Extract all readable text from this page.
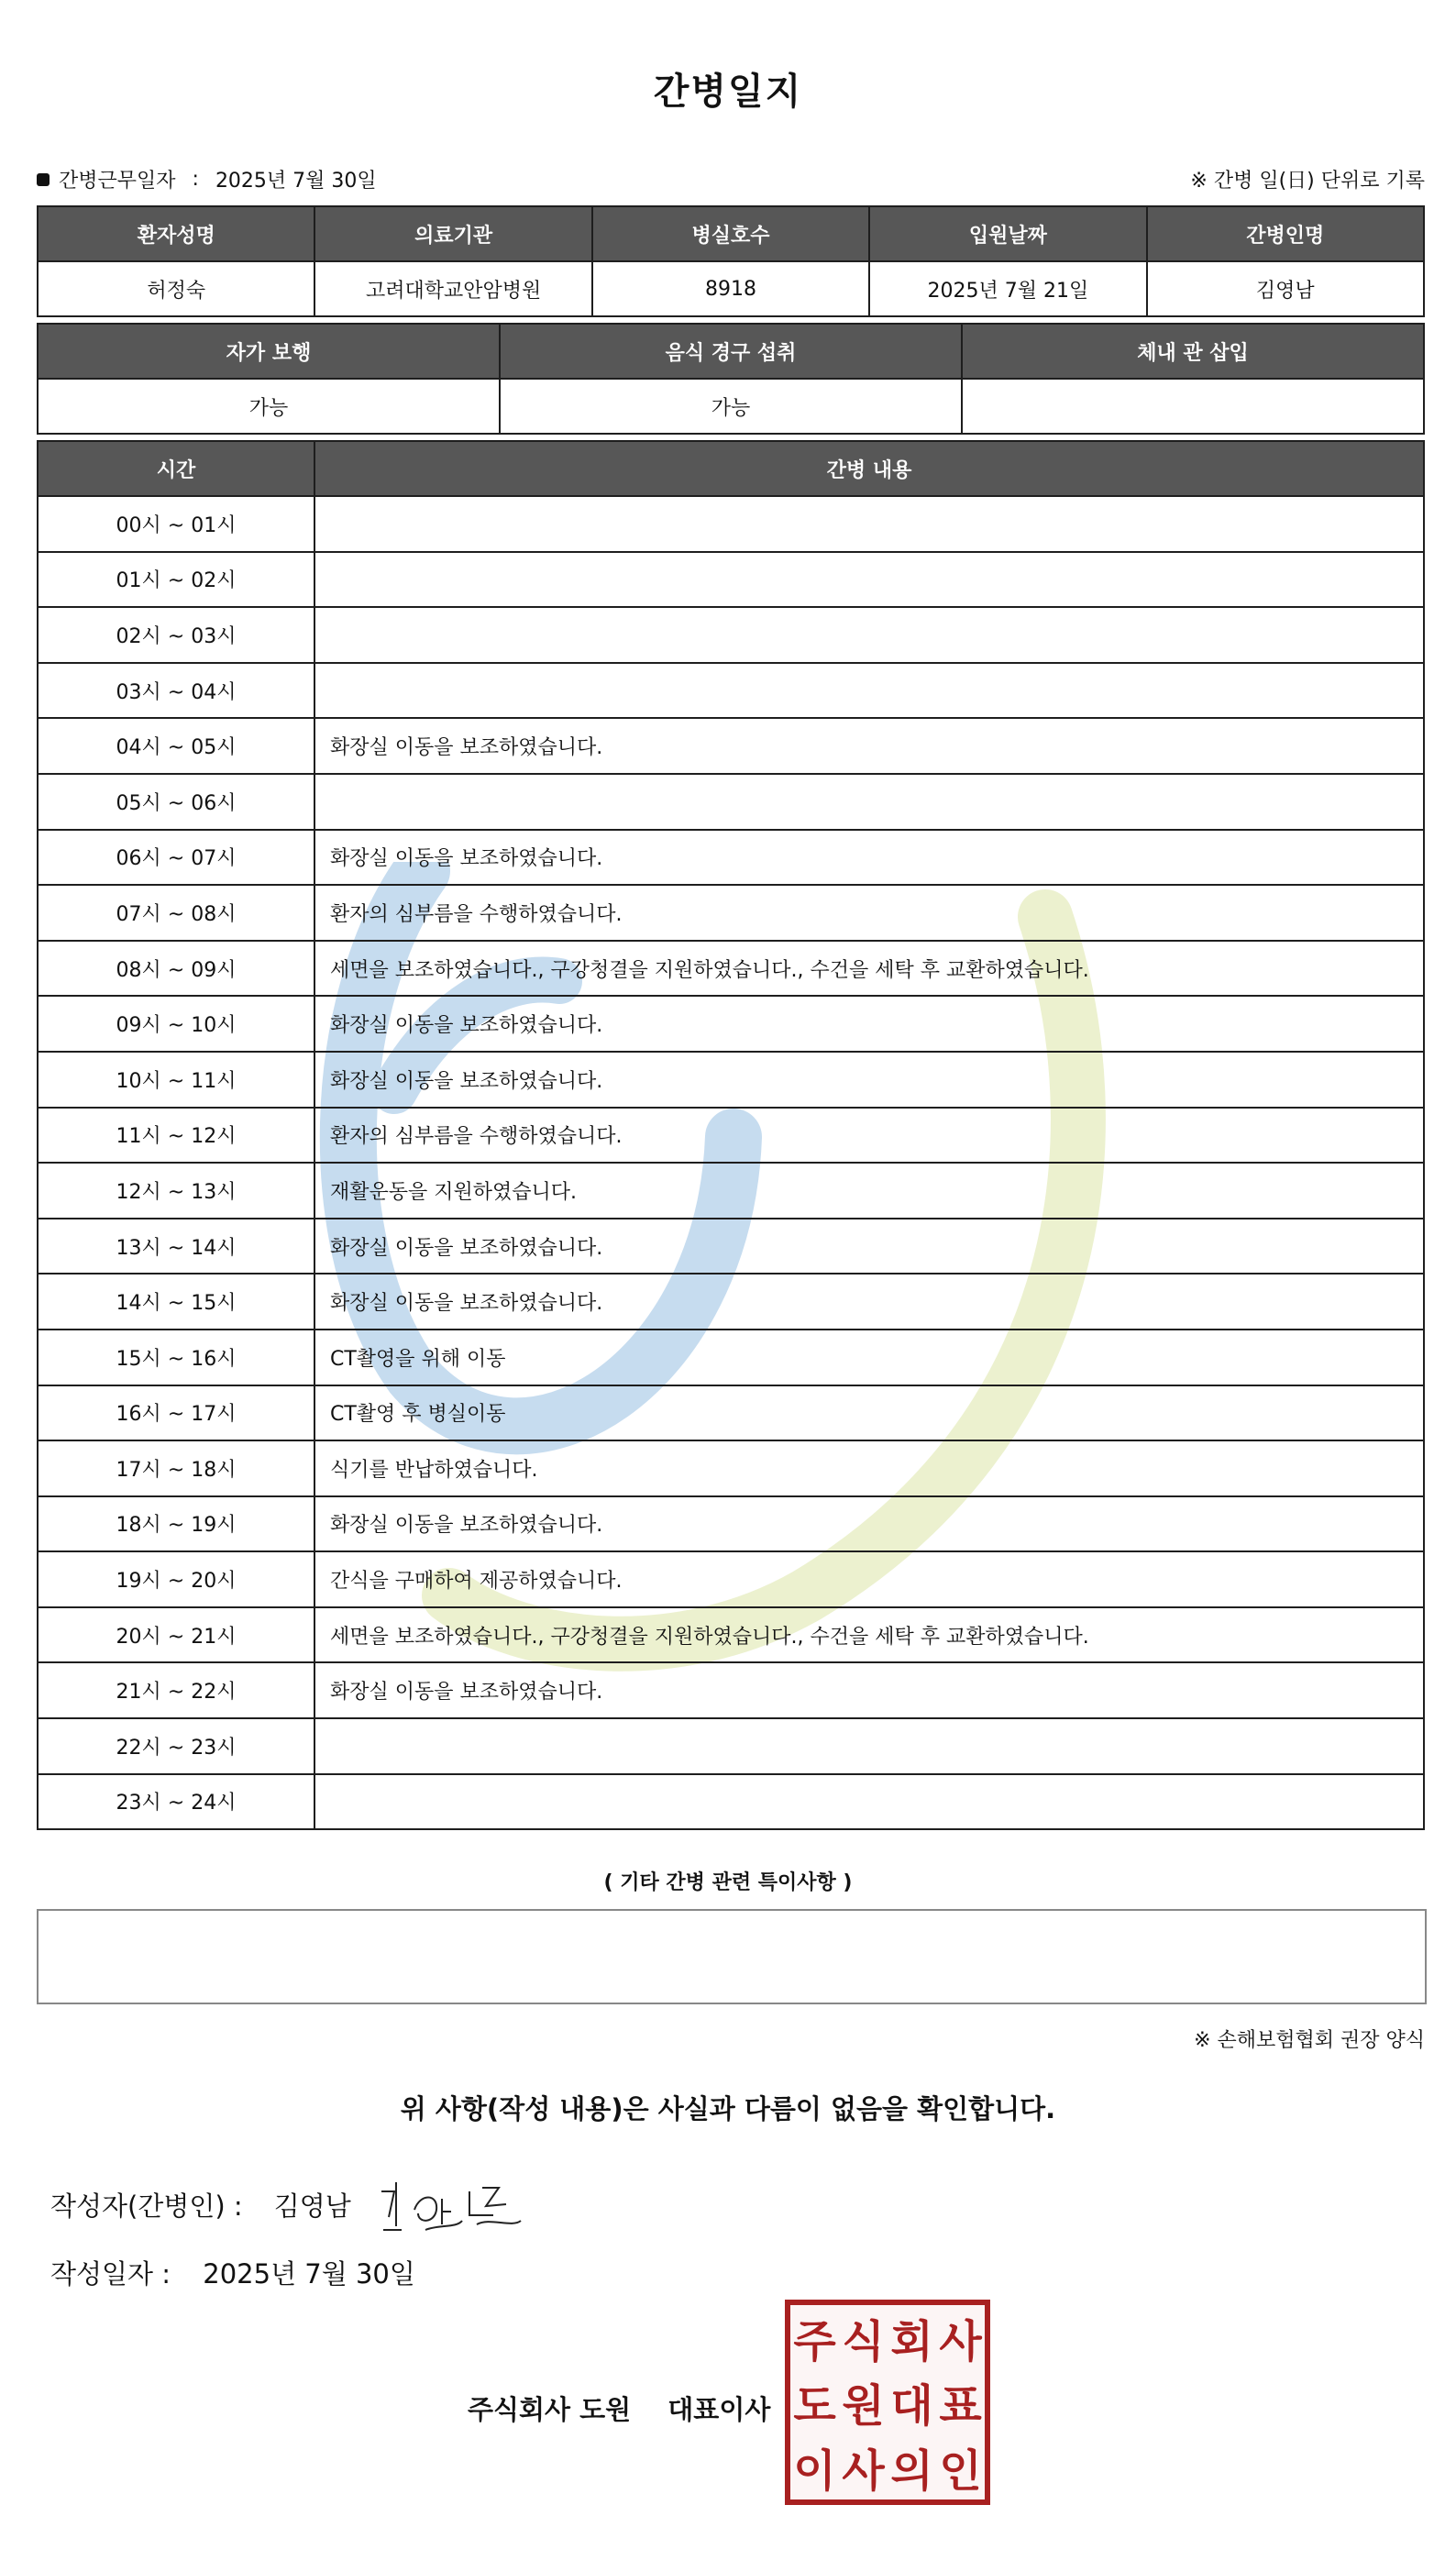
간병일지
간병근무일자 : 2025년 7월 30일	※ 간병 일(日) 단위로 기록
환자성명	의료기관	병실호수	입원날짜	간병인명
허정숙	고려대학교안암병원	8918	2025년 7월 21일	김영남
자가 보행	음식 경구 섭취	체내 관 삽입
가능	가능	
시간	간병 내용
00시 ~ 01시	
01시 ~ 02시	
02시 ~ 03시	
03시 ~ 04시	
04시 ~ 05시	화장실 이동을 보조하였습니다.
05시 ~ 06시	
06시 ~ 07시	화장실 이동을 보조하였습니다.
07시 ~ 08시	환자의 심부름을 수행하였습니다.
08시 ~ 09시	세면을 보조하였습니다., 구강청결을 지원하였습니다., 수건을 세탁 후 교환하였습니다.
09시 ~ 10시	화장실 이동을 보조하였습니다.
10시 ~ 11시	화장실 이동을 보조하였습니다.
11시 ~ 12시	환자의 심부름을 수행하였습니다.
12시 ~ 13시	재활운동을 지원하였습니다.
13시 ~ 14시	화장실 이동을 보조하였습니다.
14시 ~ 15시	화장실 이동을 보조하였습니다.
15시 ~ 16시	CT촬영을 위해 이동
16시 ~ 17시	CT촬영 후 병실이동
17시 ~ 18시	식기를 반납하였습니다.
18시 ~ 19시	화장실 이동을 보조하였습니다.
19시 ~ 20시	간식을 구매하여 제공하였습니다.
20시 ~ 21시	세면을 보조하였습니다., 구강청결을 지원하였습니다., 수건을 세탁 후 교환하였습니다.
21시 ~ 22시	화장실 이동을 보조하였습니다.
22시 ~ 23시	
23시 ~ 24시	
( 기타 간병 관련 특이사항 )
※ 손해보험협회 권장 양식
위 사항(작성 내용)은 사실과 다름이 없음을 확인합니다.
작성자(간병인) : 김영남
작성일자 : 2025년 7월 30일
주식회사 도원 대표이사
주 식 회 사
도 원 대 표
이 사 의 인
